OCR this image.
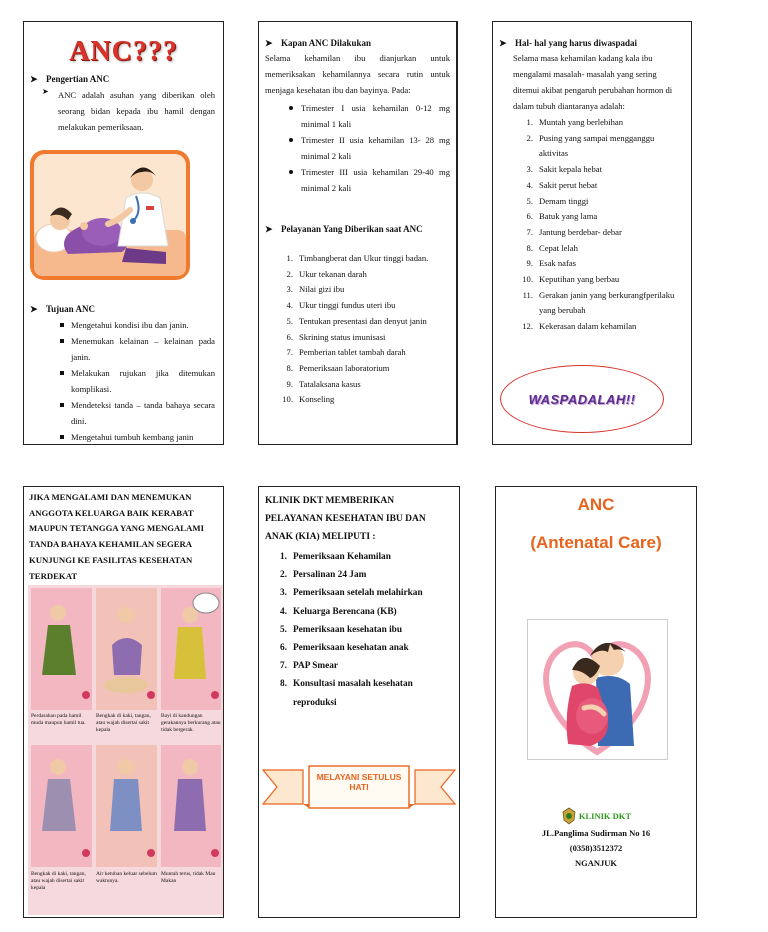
ANC???
➤ Pengertian ANC
➤	ANC adalah asuhan yang diberikan oleh seorang bidan kepada ibu hamil dengan melakukan pemeriksaan.
➤ Tujuan ANC
Mengetahui kondisi ibu dan janin.
Menemukan kelainan – kelainan pada janin.
Melakukan rujukan jika ditemukan komplikasi.
Mendeteksi tanda – tanda bahaya secara dini.
Mengetahui tumbuh kembang janin
➤ Kapan ANC Dilakukan
Selama kehamilan ibu dianjurkan untuk memeriksakan kehamilannya secara rutin untuk menjaga kesehatan ibu dan bayinya. Pada:
Trimester I usia kehamilan 0-12 mg minimal 1 kali
Trimester II usia kehamilan 13- 28 mg minimal 2 kali
Trimester III usia kehamilan 29-40 mg minimal 2 kali
➤ Pelayanan Yang Diberikan saat ANC
1. Timbangberat dan Ukur tinggi badan.
2. Ukur tekanan darah
3. Nilai gizi ibu
4. Ukur tinggi fundus uteri ibu
5. Tentukan presentasi dan denyut janin
6. Skrining status imunisasi
7. Pemberian tablet tambah darah
8. Pemeriksaan laboratorium
9. Tatalaksana kasus
10. Konseling
➤ Hal- hal yang harus diwaspadai
Selama masa kehamilan kadang kala ibu mengalami masalah- masalah yang sering ditemui akibat pengaruh perubahan hormon di dalam tubuh diantaranya adalah:
1. Muntah yang berlebihan
2. Pusing yang sampai mengganggu aktivitas
3. Sakit kepala hebat
4. Sakit perut hebat
5. Demam tinggi
6. Batuk yang lama
7. Jantung berdebar- debar
8. Cepat lelah
9. Esak nafas
10. Keputihan yang berbau
11. Gerakan janin yang berkurangfperilaku yang berubah
12. Kekerasan dalam kehamilan
WASPADALAH!!
JIKA MENGALAMI DAN MENEMUKAN ANGGOTA KELUARGA BAIK KERABAT MAUPUN TETANGGA YANG MENGALAMI TANDA BAHAYA KEHAMILAN SEGERA KUNJUNGI KE FASILITAS KESEHATAN TERDEKAT
Perdarahan pada hamil muda maupun hamil tua.
Bengkak di kaki, tangan, atau wajah disertai sakit kepala
Bayi di kandungan gerakannya berkurang atau tidak bergerak.
Bengkak di kaki, tangan, atau wajah disertai sakit kepala
Air ketuban keluar sebelum waktunya.
Muntah terus, tidak Mau Makan
KLINIK DKT MEMBERIKAN PELAYANAN KESEHATAN IBU DAN ANAK (KIA) MELIPUTI :
1. Pemeriksaan Kehamilan
2. Persalinan 24 Jam
3. Pemeriksaan setelah melahirkan
4. Keluarga Berencana (KB)
5. Pemeriksaan kesehatan ibu
6. Pemeriksaan kesehatan anak
7. PAP Smear
8. Konsultasi masalah kesehatan reproduksi
MELAYANI SETULUS HATI
ANC
(Antenatal Care)
KLINIK DKT
JL.Panglima Sudirman No 16
(0358)3512372
NGANJUK
